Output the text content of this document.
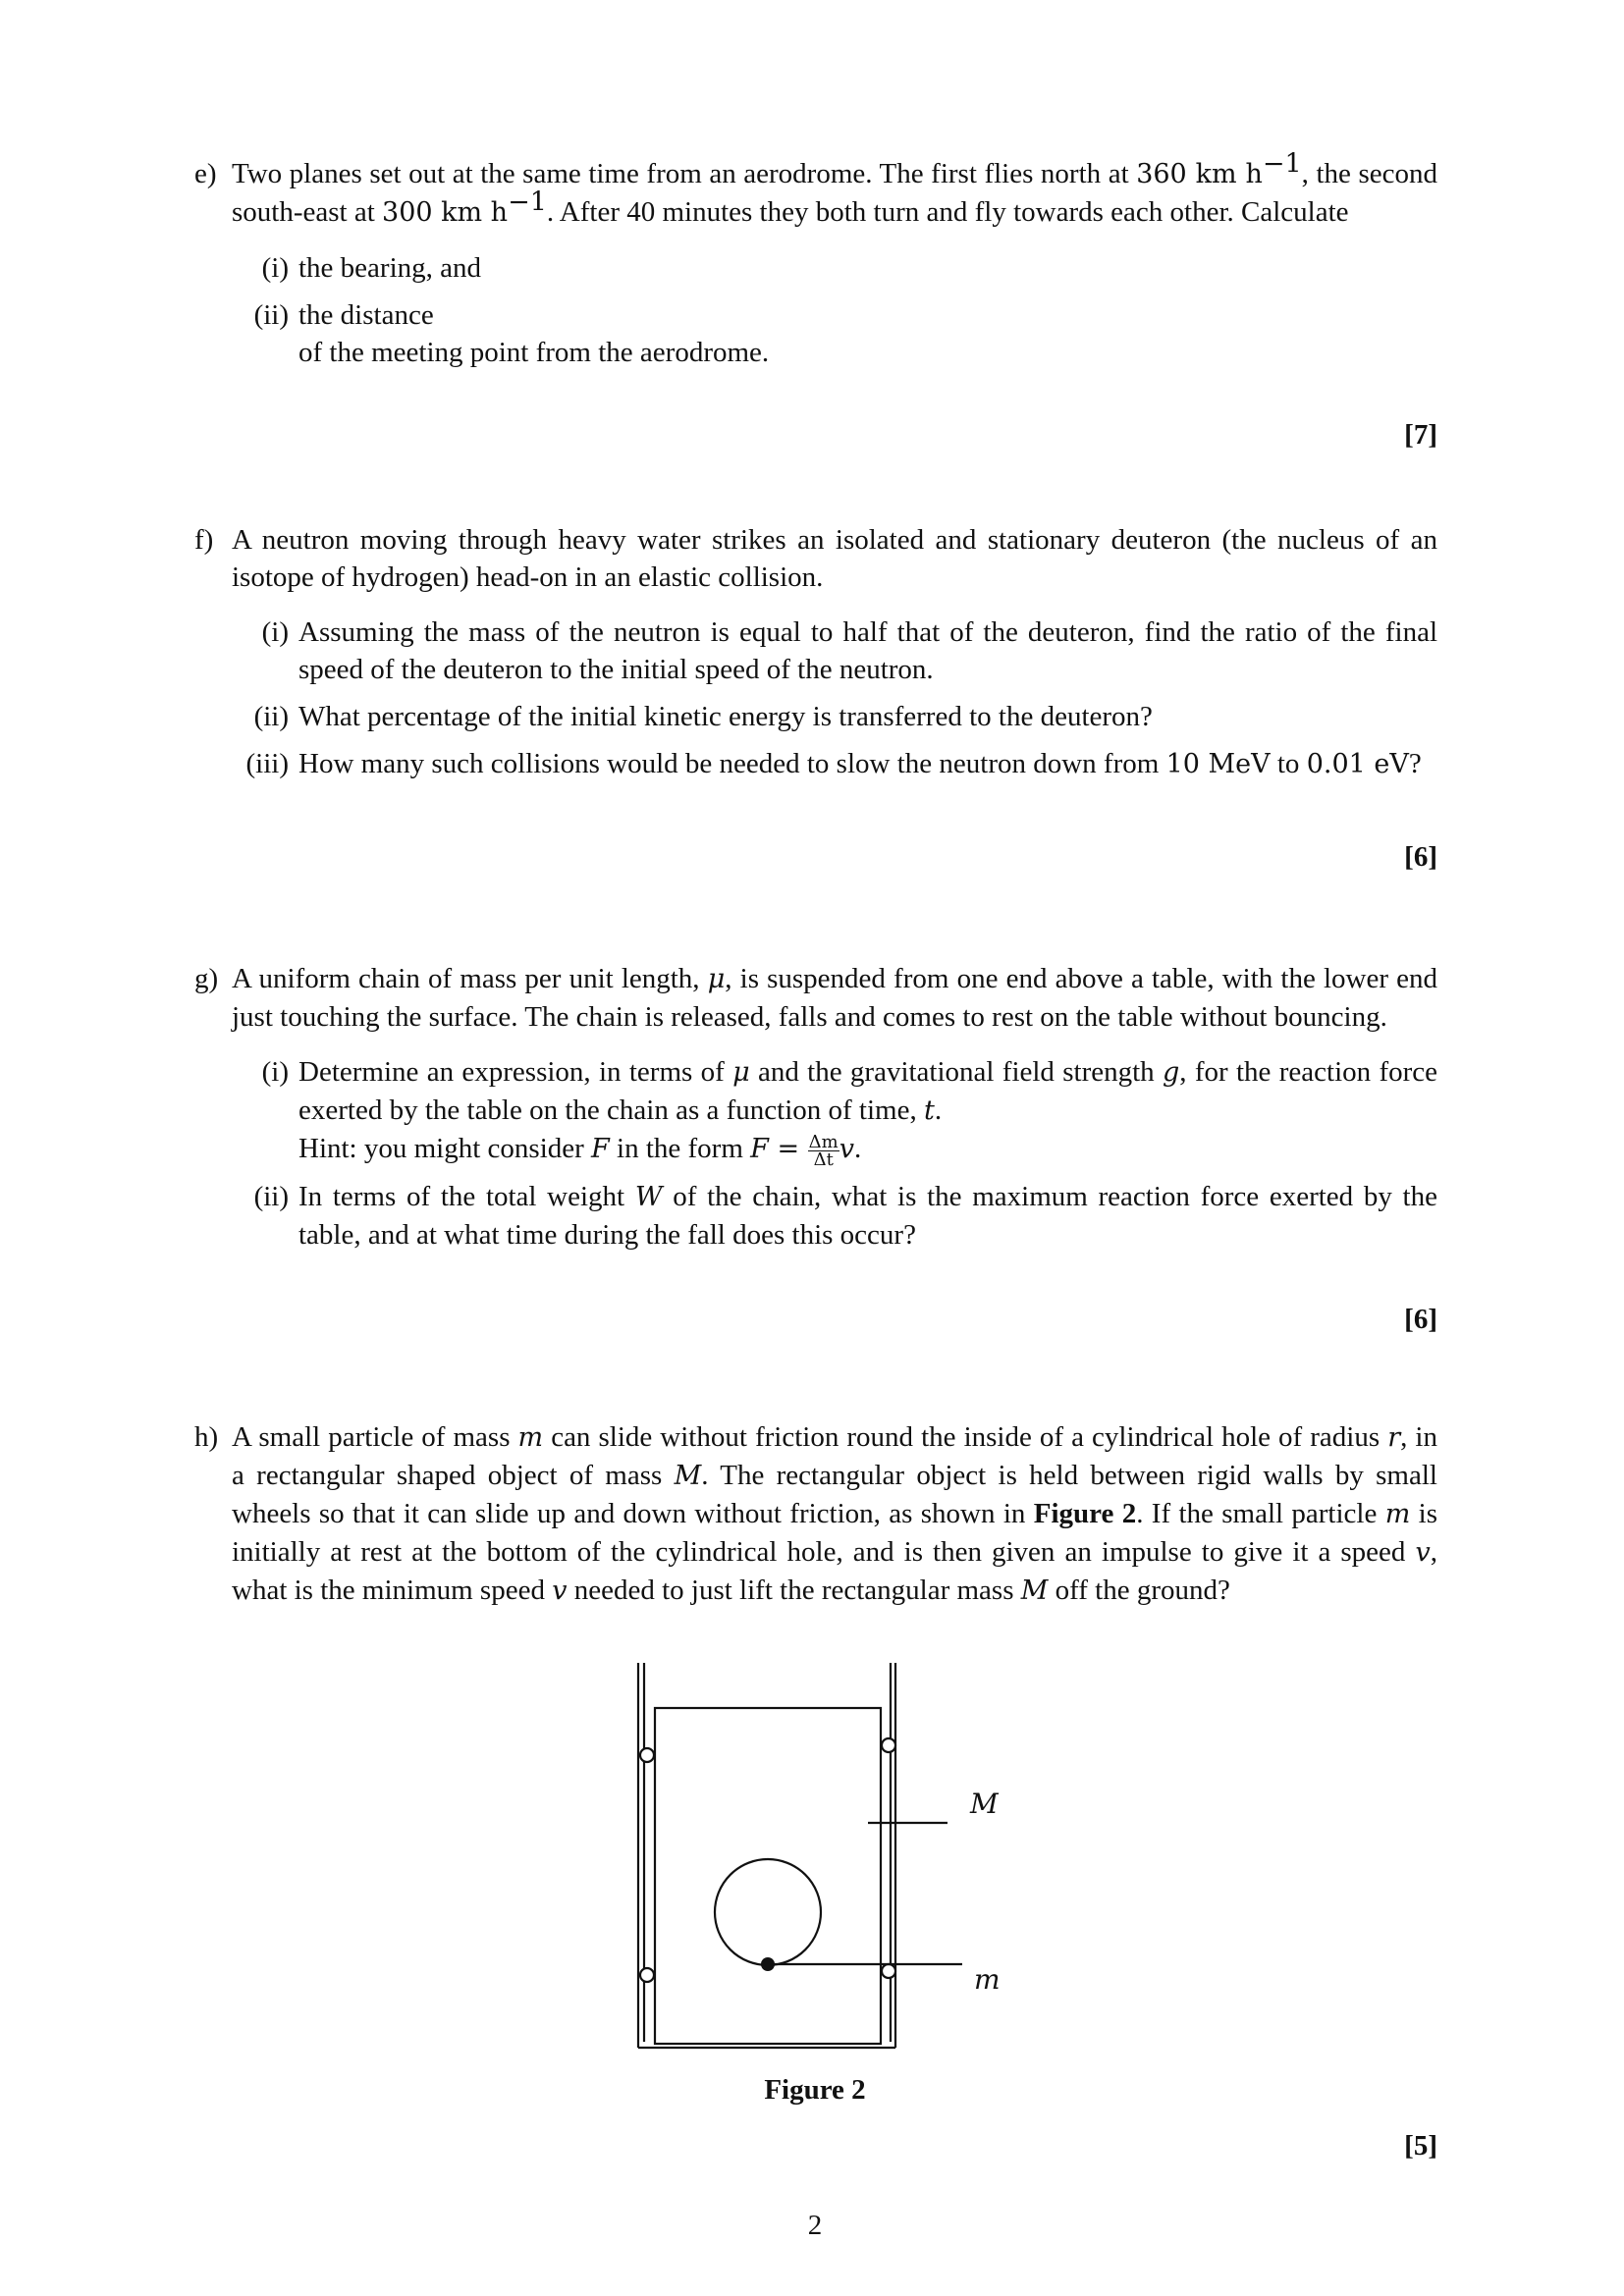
e) Two planes set out at the same time from an aerodrome. The first flies north at 360 km $h^{-1}$, the second south-east at 300 km $h^{-1}$. After 40 minutes they both turn and fly towards each other. Calculate
(i) the bearing, and
(ii) the distance
of the meeting point from the aerodrome.
[7]
f) A neutron moving through heavy water strikes an isolated and stationary deuteron (the nucleus of an isotope of hydrogen) head-on in an elastic collision.
(i) Assuming the mass of the neutron is equal to half that of the deuteron, find the ratio of the final speed of the deuteron to the initial speed of the neutron.
(ii) What percentage of the initial kinetic energy is transferred to the deuteron?
(iii) How many such collisions would be needed to slow the neutron down from 10 MeV to 0.01 eV?
[6]
g) A uniform chain of mass per unit length, μ, is suspended from one end above a table, with the lower end just touching the surface. The chain is released, falls and comes to rest on the table without bouncing.
(i) Determine an expression, in terms of μ and the gravitational field strength g, for the reaction force exerted by the table on the chain as a function of time, t.
Hint: you might consider F in the form $F = \frac{\Delta m}{\Delta t} v$.
(ii) In terms of the total weight W of the chain, what is the maximum reaction force exerted by the table, and at what time during the fall does this occur?
[6]
h) A small particle of mass m can slide without friction round the inside of a cylindrical hole of radius r, in a rectangular shaped object of mass M. The rectangular object is held between rigid walls by small wheels so that it can slide up and down without friction, as shown in Figure 2. If the small particle m is initially at rest at the bottom of the cylindrical hole, and is then given an impulse to give it a speed v, what is the minimum speed v needed to just lift the rectangular mass M off the ground?
[5]
M
m
Figure 2
2
